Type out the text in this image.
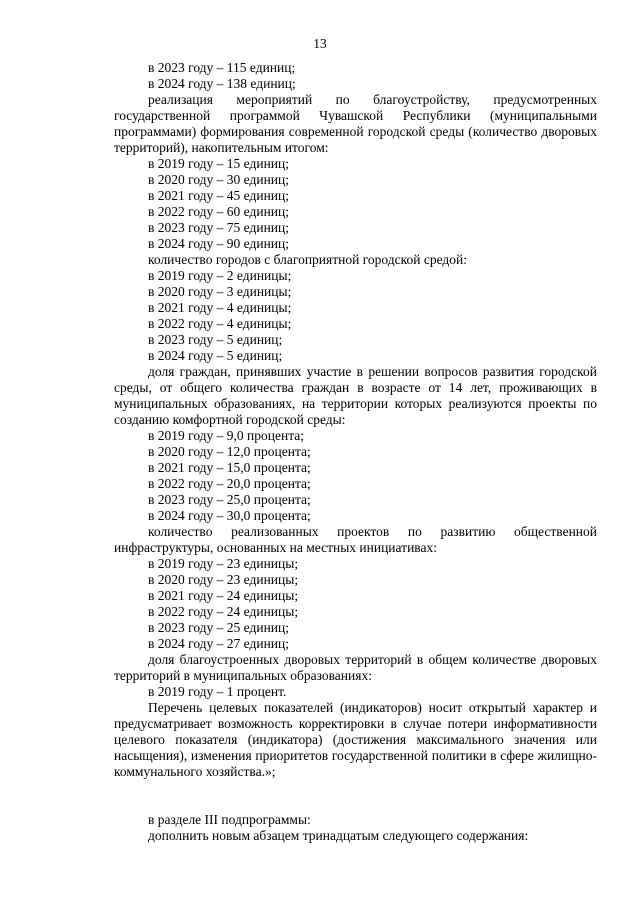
13
в 2023 году – 115 единиц;
в 2024 году – 138 единиц;

реализация мероприятий по благоустройству, предусмотренных государственной программой Чувашской Республики (муниципальными программами) формирования современной городской среды (количество дворовых территорий), накопительным итогом:

в 2019 году – 15 единиц;
в 2020 году – 30 единиц;
в 2021 году – 45 единиц;
в 2022 году – 60 единиц;
в 2023 году – 75 единиц;
в 2024 году – 90 единиц;

количество городов с благоприятной городской средой:

в 2019 году – 2 единицы;
в 2020 году – 3 единицы;
в 2021 году – 4 единицы;
в 2022 году – 4 единицы;
в 2023 году – 5 единиц;
в 2024 году – 5 единиц;

доля граждан, принявших участие в решении вопросов развития городской среды, от общего количества граждан в возрасте от 14 лет, проживающих в муниципальных образованиях, на территории которых реализуются проекты по созданию комфортной городской среды:

в 2019 году – 9,0 процента;
в 2020 году – 12,0 процента;
в 2021 году – 15,0 процента;
в 2022 году – 20,0 процента;
в 2023 году – 25,0 процента;
в 2024 году – 30,0 процента;

количество реализованных проектов по развитию общественной инфраструктуры, основанных на местных инициативах:

в 2019 году – 23 единицы;
в 2020 году – 23 единицы;
в 2021 году – 24 единицы;
в 2022 году – 24 единицы;
в 2023 году – 25 единиц;
в 2024 году – 27 единиц;

доля благоустроенных дворовых территорий в общем количестве дворовых территорий в муниципальных образованиях:

в 2019 году – 1 процент.

Перечень целевых показателей (индикаторов) носит открытый характер и предусматривает возможность корректировки в случае потери информативности целевого показателя (индикатора) (достижения максимального значения или насыщения), изменения приоритетов государственной политики в сфере жилищно-коммунального хозяйства.»;

в разделе III подпрограммы:
дополнить новым абзацем тринадцатым следующего содержания:
